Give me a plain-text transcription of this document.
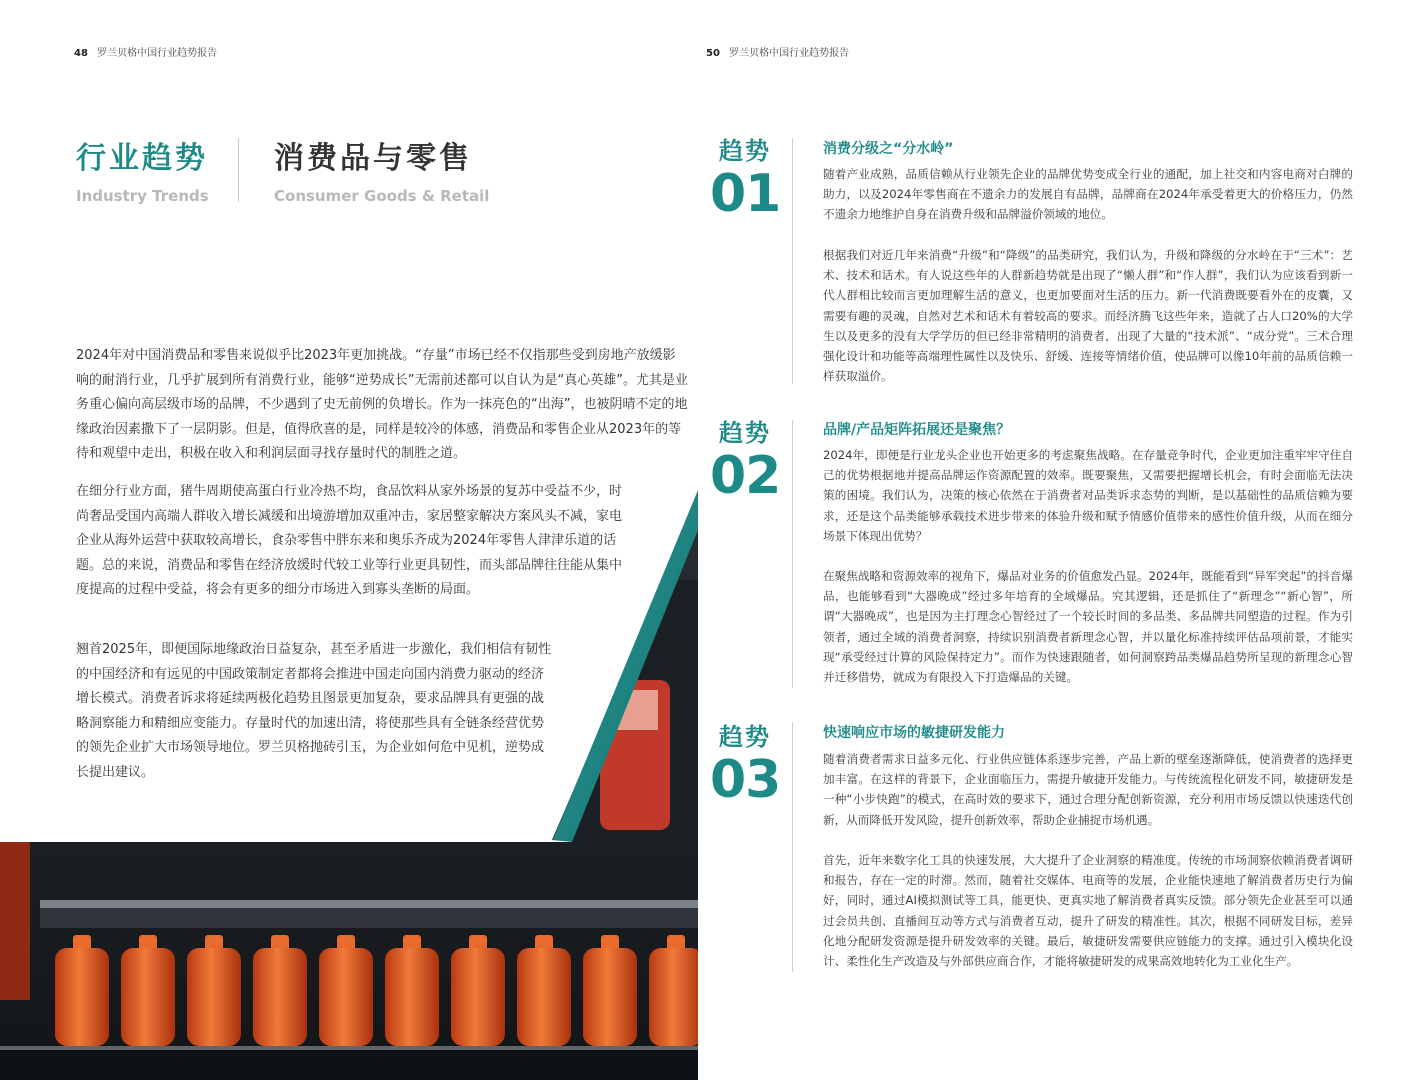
48 罗兰贝格中国行业趋势报告	50 罗兰贝格中国行业趋势报告
行业趋势
Industry Trends
消费品与零售
Consumer Goods & Retail

2024年对中国消费品和零售来说似乎比2023年更加挑战。“存量”市场已经不仅指那些受到房地产放缓影响的耐消行业，几乎扩展到所有消费行业，能够“逆势成长”无需前述都可以自认为是“真心英雄”。尤其是业务重心偏向高层级市场的品牌，不少遇到了史无前例的负增长。作为一抹亮色的“出海”，也被阴晴不定的地缘政治因素撒下了一层阴影。但是，值得欣喜的是，同样是较冷的体感，消费品和零售企业从2023年的等待和观望中走出，积极在收入和利润层面寻找存量时代的制胜之道。

在细分行业方面，猪牛周期使高蛋白行业冷热不均，食品饮料从家外场景的复苏中受益不少，时尚奢品受国内高端人群收入增长减缓和出境游增加双重冲击，家居整家解决方案风头不减，家电企业从海外运营中获取较高增长，食杂零售中胖东来和奥乐齐成为2024年零售人津津乐道的话题。总的来说，消费品和零售在经济放缓时代较工业等行业更具韧性，而头部品牌往往能从集中度提高的过程中受益，将会有更多的细分市场进入到寡头垄断的局面。

翘首2025年，即便国际地缘政治日益复杂，甚至矛盾进一步激化，我们相信有韧性的中国经济和有远见的中国政策制定者都将会推进中国走向国内消费力驱动的经济增长模式。消费者诉求将延续两极化趋势且图景更加复杂，要求品牌具有更强的战略洞察能力和精细应变能力。存量时代的加速出清，将使那些具有全链条经营优势的领先企业扩大市场领导地位。罗兰贝格抛砖引玉，为企业如何危中见机，逆势成长提出建议。

趋势
01
消费分级之“分水岭”

随着产业成熟，品质信赖从行业领先企业的品牌优势变成全行业的通配，加上社交和内容电商对白牌的助力，以及2024年零售商在不遗余力的发展自有品牌，品牌商在2024年承受着更大的价格压力，仍然不遗余力地维护自身在消费升级和品牌溢价领域的地位。

根据我们对近几年来消费“升级”和“降级”的品类研究，我们认为，升级和降级的分水岭在于“三术”：艺术、技术和话术。有人说这些年的人群新趋势就是出现了“懒人群”和“作人群”，我们认为应该看到新一代人群相比较而言更加理解生活的意义，也更加要面对生活的压力。新一代消费既要看外在的皮囊，又需要有趣的灵魂，自然对艺术和话术有着较高的要求。而经济腾飞这些年来，造就了占人口20%的大学生以及更多的没有大学学历的但已经非常精明的消费者，出现了大量的“技术派”、“成分党”。三术合理强化设计和功能等高端理性属性以及快乐、舒缓、连接等情绪价值，使品牌可以像10年前的品质信赖一样获取溢价。

趋势
02
品牌/产品矩阵拓展还是聚焦？

2024年，即便是行业龙头企业也开始更多的考虑聚焦战略。在存量竞争时代，企业更加注重牢牢守住自己的优势根据地并提高品牌运作资源配置的效率。既要聚焦，又需要把握增长机会，有时会面临无法决策的困境。我们认为，决策的核心依然在于消费者对品类诉求态势的判断，是以基础性的品质信赖为要求，还是这个品类能够承载技术进步带来的体验升级和赋予情感价值带来的感性价值升级，从而在细分场景下体现出优势？

在聚焦战略和资源效率的视角下，爆品对业务的价值愈发凸显。2024年，既能看到“异军突起”的抖音爆品，也能够看到“大器晚成”经过多年培育的全域爆品。究其逻辑，还是抓住了“新理念”“新心智”，所谓“大器晚成”，也是因为主打理念心智经过了一个较长时间的多品类、多品牌共同塑造的过程。作为引领者，通过全域的消费者洞察，持续识别消费者新理念心智，并以量化标准持续评估品项前景，才能实现“承受经过计算的风险保持定力”。而作为快速跟随者，如何洞察跨品类爆品趋势所呈现的新理念心智并迁移借势，就成为有限投入下打造爆品的关键。

趋势
03
快速响应市场的敏捷研发能力

随着消费者需求日益多元化、行业供应链体系逐步完善，产品上新的壁垒逐渐降低，使消费者的选择更加丰富。在这样的背景下，企业面临压力，需提升敏捷开发能力。与传统流程化研发不同，敏捷研发是一种“小步快跑”的模式，在高时效的要求下，通过合理分配创新资源，充分利用市场反馈以快速迭代创新，从而降低开发风险，提升创新效率，帮助企业捕捉市场机遇。

首先，近年来数字化工具的快速发展，大大提升了企业洞察的精准度。传统的市场洞察依赖消费者调研和报告，存在一定的时滞。然而，随着社交媒体、电商等的发展，企业能快速地了解消费者历史行为偏好，同时，通过AI模拟测试等工具，能更快、更真实地了解消费者真实反馈。部分领先企业甚至可以通过会员共创、直播间互动等方式与消费者互动，提升了研发的精准性。其次，根据不同研发目标，差异化地分配研发资源是提升研发效率的关键。最后，敏捷研发需要供应链能力的支撑。通过引入模块化设计、柔性化生产改造及与外部供应商合作，才能将敏捷研发的成果高效地转化为工业化生产。
